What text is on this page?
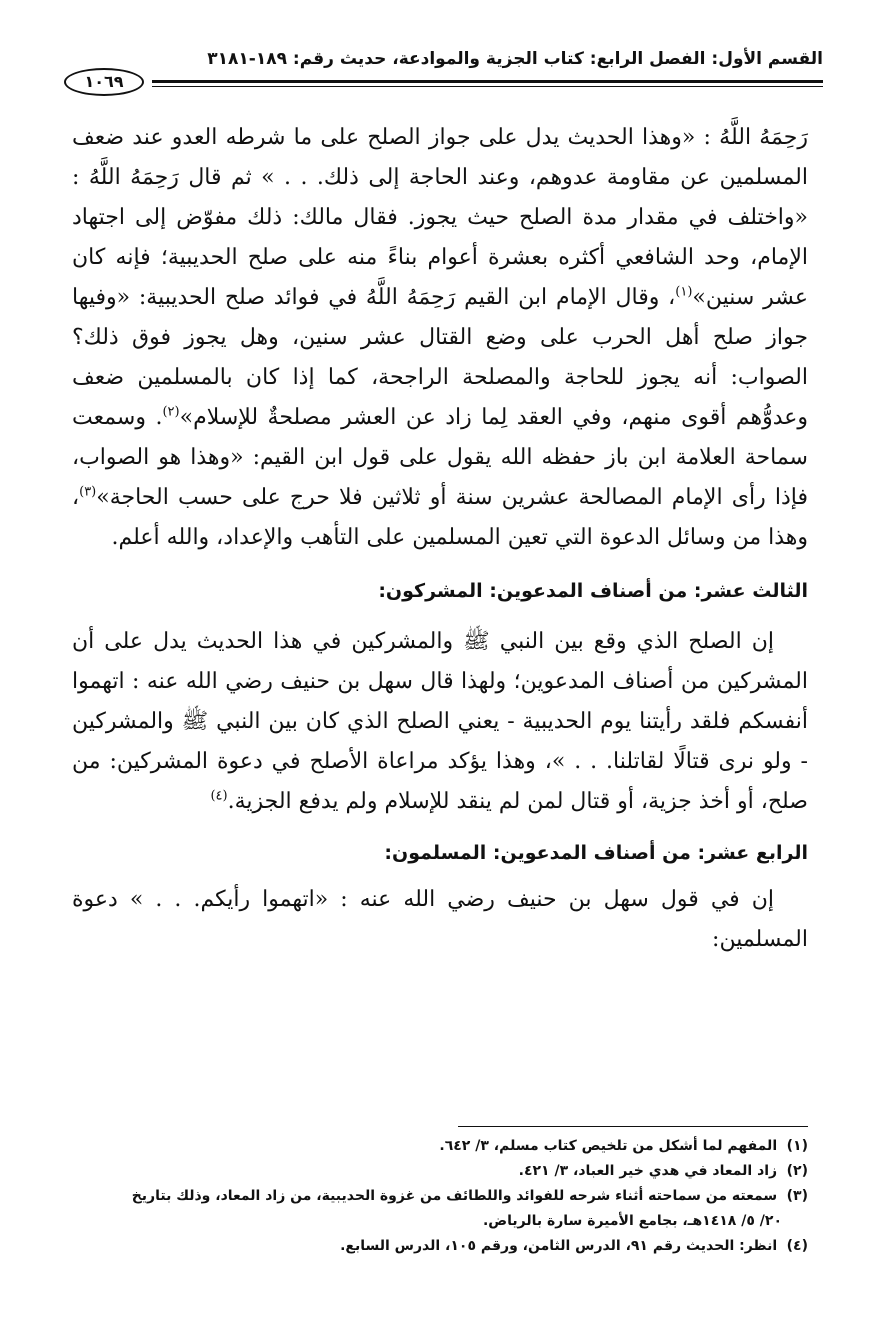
القسم الأول: الفصل الرابع: كتاب الجزية والموادعة، حديث رقم: ١٨٩-٣١٨١
١٠٦٩

رَحِمَهُ اللَّهُ : «وهذا الحديث يدل على جواز الصلح على ما شرطه العدو عند ضعف المسلمين عن مقاومة عدوهم، وعند الحاجة إلى ذلك. . . » ثم قال رَحِمَهُ اللَّهُ : «واختلف في مقدار مدة الصلح حيث يجوز. فقال مالك: ذلك مفوّض إلى اجتهاد الإمام، وحد الشافعي أكثره بعشرة أعوام بناءً منه على صلح الحديبية؛ فإنه كان عشر سنين»$^{(١)}$، وقال الإمام ابن القيم رَحِمَهُ اللَّهُ في فوائد صلح الحديبية: «وفيها جواز صلح أهل الحرب على وضع القتال عشر سنين، وهل يجوز فوق ذلك؟ الصواب: أنه يجوز للحاجة والمصلحة الراجحة، كما إذا كان بالمسلمين ضعف وعدوُّهم أقوى منهم، وفي العقد لِما زاد عن العشر مصلحةٌ للإسلام»$^{(٢)}$. وسمعت سماحة العلامة ابن باز حفظه الله يقول على قول ابن القيم: «وهذا هو الصواب، فإذا رأى الإمام المصالحة عشرين سنة أو ثلاثين فلا حرج على حسب الحاجة»$^{(٣)}$، وهذا من وسائل الدعوة التي تعين المسلمين على التأهب والإعداد، والله أعلم.

الثالث عشر: من أصناف المدعوين: المشركون:

إن الصلح الذي وقع بين النبي ﷺ والمشركين في هذا الحديث يدل على أن المشركين من أصناف المدعوين؛ ولهذا قال سهل بن حنيف رضي الله عنه : اتهموا أنفسكم فلقد رأيتنا يوم الحديبية - يعني الصلح الذي كان بين النبي ﷺ والمشركين - ولو نرى قتالًا لقاتلنا. . . »، وهذا يؤكد مراعاة الأصلح في دعوة المشركين: من صلح، أو أخذ جزية، أو قتال لمن لم ينقد للإسلام ولم يدفع الجزية.$^{(٤)}$

الرابع عشر: من أصناف المدعوين: المسلمون:

إن في قول سهل بن حنيف رضي الله عنه : «اتهموا رأيكم. . . » دعوة المسلمين:

(١) المفهم لما أشكل من تلخيص كتاب مسلم، ٣/ ٦٤٢.

(٢) زاد المعاد في هدي خير العباد، ٣/ ٤٢١.

(٣) سمعته من سماحته أثناء شرحه للفوائد واللطائف من غزوة الحديبية، من زاد المعاد، وذلك بتاريخ

٢٠/ ٥/ ١٤١٨هـ، بجامع الأميرة سارة بالرياض.

(٤) انظر: الحديث رقم ٩١، الدرس الثامن، ورقم ١٠٥، الدرس السابع.
